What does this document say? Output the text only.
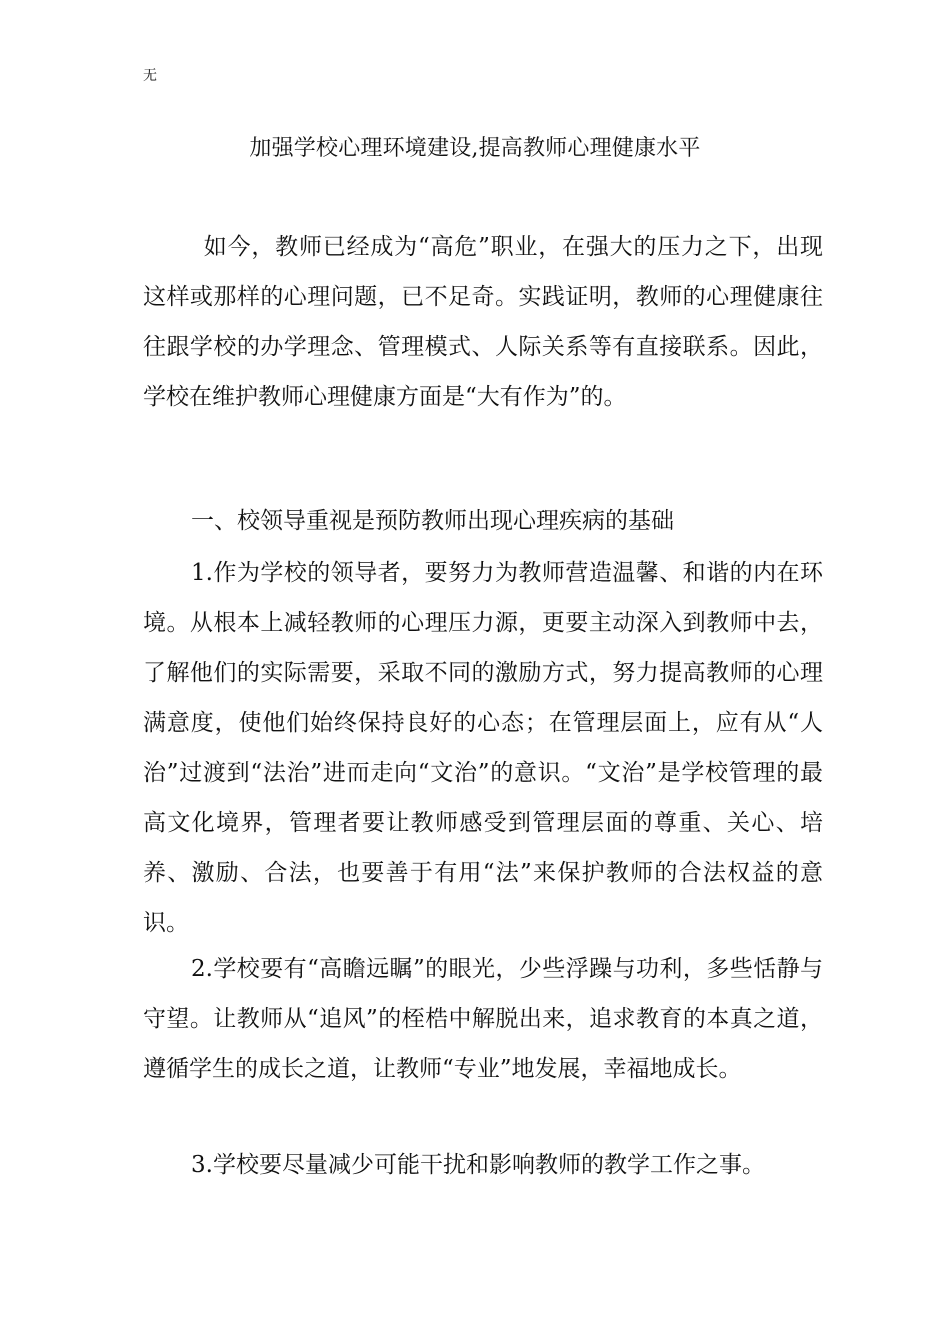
无
加强学校心理环境建设,提高教师心理健康水平
如今，教师已经成为“高危”职业，在强大的压力之下，出现这样或那样的心理问题，已不足奇。实践证明，教师的心理健康往往跟学校的办学理念、管理模式、人际关系等有直接联系。因此，学校在维护教师心理健康方面是“大有作为”的。
一、校领导重视是预防教师出现心理疾病的基础
1.作为学校的领导者，要努力为教师营造温馨、和谐的内在环境。从根本上减轻教师的心理压力源，更要主动深入到教师中去，了解他们的实际需要，采取不同的激励方式，努力提高教师的心理满意度，使他们始终保持良好的心态；在管理层面上，应有从“人治”过渡到“法治”进而走向“文治”的意识。“文治”是学校管理的最高文化境界，管理者要让教师感受到管理层面的尊重、关心、培养、激励、合法，也要善于有用“法”来保护教师的合法权益的意识。
2.学校要有“高瞻远瞩”的眼光，少些浮躁与功利，多些恬静与守望。让教师从“追风”的桎梏中解脱出来，追求教育的本真之道，遵循学生的成长之道，让教师“专业”地发展，幸福地成长。
3.学校要尽量减少可能干扰和影响教师的教学工作之事。
